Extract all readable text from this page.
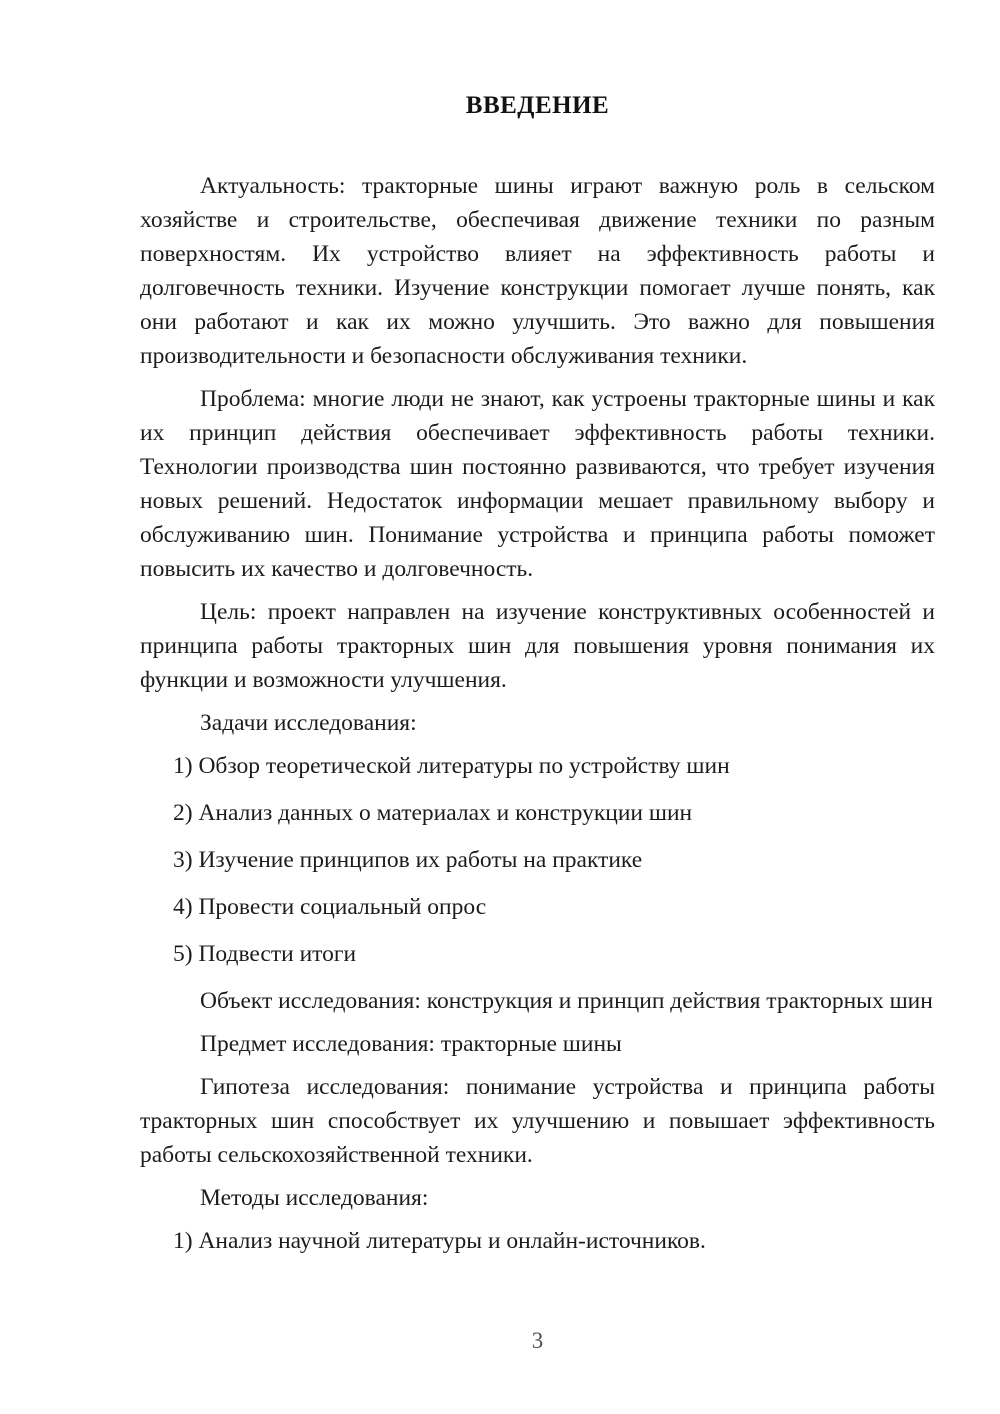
ВВЕДЕНИЕ

Актуальность: тракторные шины играют важную роль в сельском хозяйстве и строительстве, обеспечивая движение техники по разным поверхностям. Их устройство влияет на эффективность работы и долговечность техники. Изучение конструкции помогает лучше понять, как они работают и как их можно улучшить. Это важно для повышения производительности и безопасности обслуживания техники.

Проблема: многие люди не знают, как устроены тракторные шины и как их принцип действия обеспечивает эффективность работы техники. Технологии производства шин постоянно развиваются, что требует изучения новых решений. Недостаток информации мешает правильному выбору и обслуживанию шин. Понимание устройства и принципа работы поможет повысить их качество и долговечность.

Цель: проект направлен на изучение конструктивных особенностей и принципа работы тракторных шин для повышения уровня понимания их функции и возможности улучшения.

Задачи исследования:

1) Обзор теоретической литературы по устройству шин

2) Анализ данных о материалах и конструкции шин

3) Изучение принципов их работы на практике

4) Провести социальный опрос

5) Подвести итоги

Объект исследования: конструкция и принцип действия тракторных шин

Предмет исследования: тракторные шины

Гипотеза исследования: понимание устройства и принципа работы тракторных шин способствует их улучшению и повышает эффективность работы сельскохозяйственной техники.

Методы исследования:

1) Анализ научной литературы и онлайн-источников.

3
